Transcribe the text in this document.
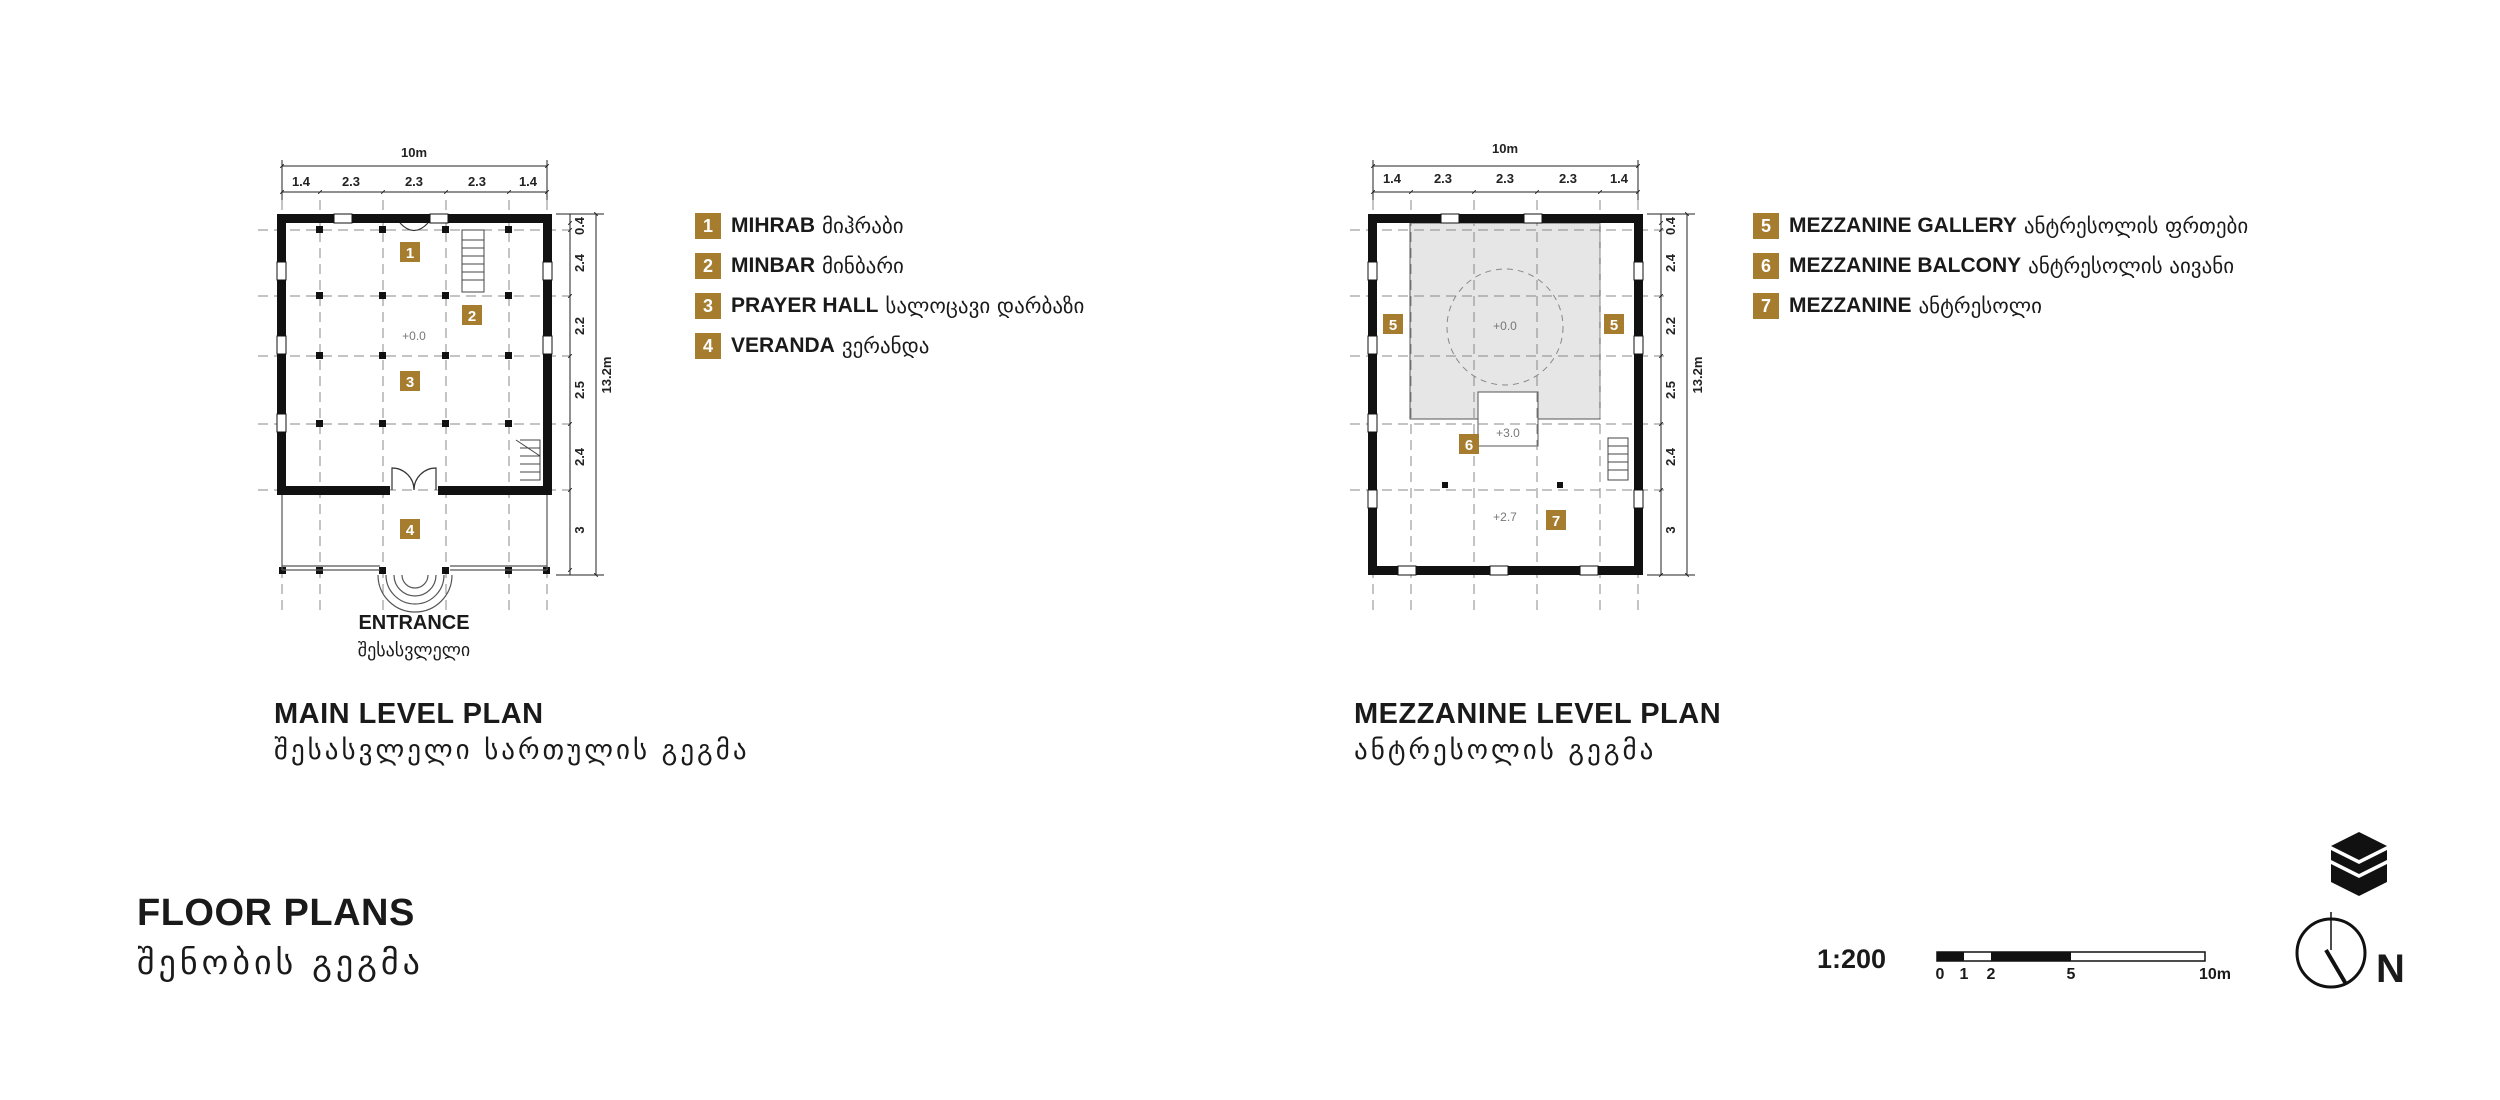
10m
1.4 2.3	2.3	2.3	1.4
13.2m
0.4
2.4
2.2
2.5
2.4
3
+0.0
1
2
3
4
10m
1.4	2.3	2.3	2.3	1.4
13.2m
0.4
2.4
2.2
2.5
2.4
3
+0.0
+3.0
+2.7
5	5
6
7
1 MIHRAB მიჰრაბი
2 MINBAR მინბარი
3 PRAYER HALL სალოცავი დარბაზი
4 VERANDA ვერანდა
5 MEZZANINE GALLERY ანტრესოლის ფრთები
6 MEZZANINE BALCONY ანტრესოლის აივანი
7 MEZZANINE ანტრესოლი
ENTRANCE
შესასვლელი
MAIN LEVEL PLAN
შესასვლელი სართულის გეგმა
MEZZANINE LEVEL PLAN
ანტრესოლის გეგმა
FLOOR PLANS
შენობის გეგმა	1:200
0 1 2	5	10m	N
